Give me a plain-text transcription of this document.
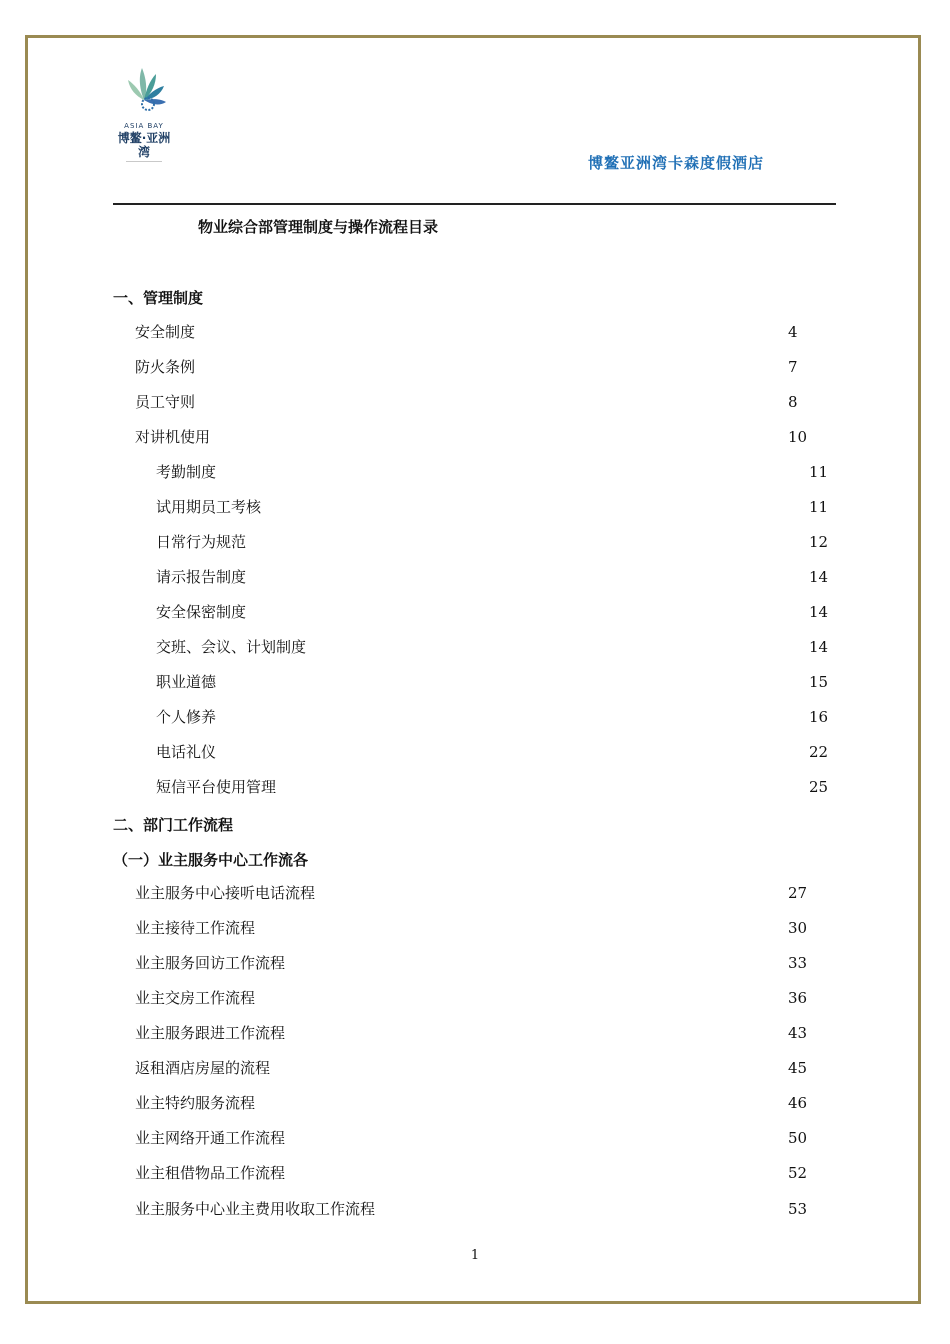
ASIA BAY
博鳌·亚洲湾
―――――――――	博鳌亚洲湾卡森度假酒店
物业综合部管理制度与操作流程目录
一、管理制度
安全制度	4
防火条例	7
员工守则	8
对讲机使用	10
考勤制度	11
试用期员工考核	11
日常行为规范	12
请示报告制度	14
安全保密制度	14
交班、会议、计划制度	14
职业道德	15
个人修养	16
电话礼仪	22
短信平台使用管理	25
二、部门工作流程
（一）业主服务中心工作流各
业主服务中心接听电话流程	27
业主接待工作流程	30
业主服务回访工作流程	33
业主交房工作流程	36
业主服务跟进工作流程	43
返租酒店房屋的流程	45
业主特约服务流程	46
业主网络开通工作流程	50
业主租借物品工作流程	52
业主服务中心业主费用收取工作流程	53
1
